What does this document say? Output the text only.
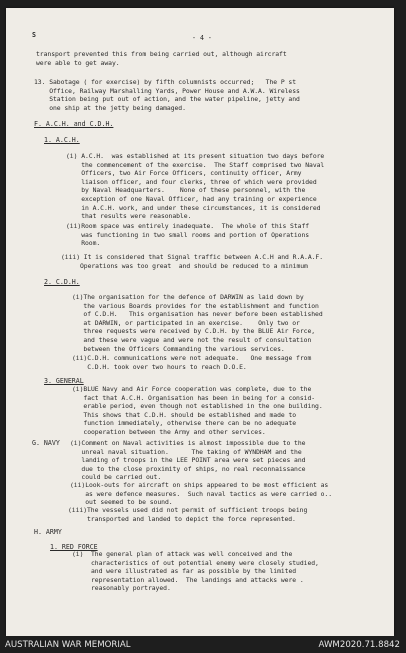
S	- 4 -
transport prevented this from being carried out, although aircraft
were able to get away.
13. Sabotage ( for exercise) by fifth columnists occurred;   The P st
Office, Railway Marshalling Yards, Power House and A.W.A. Wireless
Station being put out of action, and the water pipeline, jetty and
one ship at the jetty being damaged.
F. A.C.H. and C.D.H.
1. A.C.H.
(i) A.C.H.  was established at its present situation two days before
the commencement of the exercise.  The Staff comprised two Naval
Officers, two Air Force Officers, continuity officer, Army
liaison officer, and four clerks, three of which were provided
by Naval Headquarters.    None of these personnel, with the
exception of one Naval Officer, had any training or experience
in A.C.H. work, and under these circumstances, it is considered
that results were reasonable.
(ii)Room space was entirely inadequate.  The whole of this Staff
was functioning in two small rooms and portion of Operations
Room.
(iii) It is considered that Signal traffic between A.C.H and R.A.A.F.
Operations was too great  and should be reduced to a minimum
2. C.D.H.
(i)The organisation for the defence of DARWIN as laid down by
the various Boards provides for the establishment and function
of C.D.H.   This organisation has never before been established
at DARWIN, or participated in an exercise.    Only two or
three requests were received by C.D.H. by the BLUE Air Force,
and these were vague and were not the result of consultation
between the Officers Commanding the various services.
(ii)C.D.H. communications were not adequate.   One message from
C.D.H. took over two hours to reach D.O.E.
3. GENERAL
(i)BLUE Navy and Air Force cooperation was complete, due to the
fact that A.C.H. Organisation has been in being for a consid-
erable period, even though not established in the one building.
This shows that C.D.H. should be established and made to
function immediately, otherwise there can be no adequate
cooperation between the Army and other services.
G. NAVY (i)Comment on Naval activities is almost impossible due to the
unreal naval situation.      The taking of WYNDHAM and the
landing of troops in the LEE POINT area were set pieces and
due to the close proximity of ships, no real reconnaissance
could be carried out.
(ii)Look-outs for aircraft on ships appeared to be most efficient as
as were defence measures.  Such naval tactics as were carried o..
out seemed to be sound.
(iii)The vessels used did not permit of sufficient troops being
transported and landed to depict the force represented.
H. ARMY
1. RED FORCE
(i)  The general plan of attack was well conceived and the
characteristics of out potential enemy were closely studied,
and were illustrated as far as possible by the limited
representation allowed.  The landings and attacks were .
reasonably portrayed.
AUSTRALIAN WAR MEMORIAL	AWM2020.71.8842
